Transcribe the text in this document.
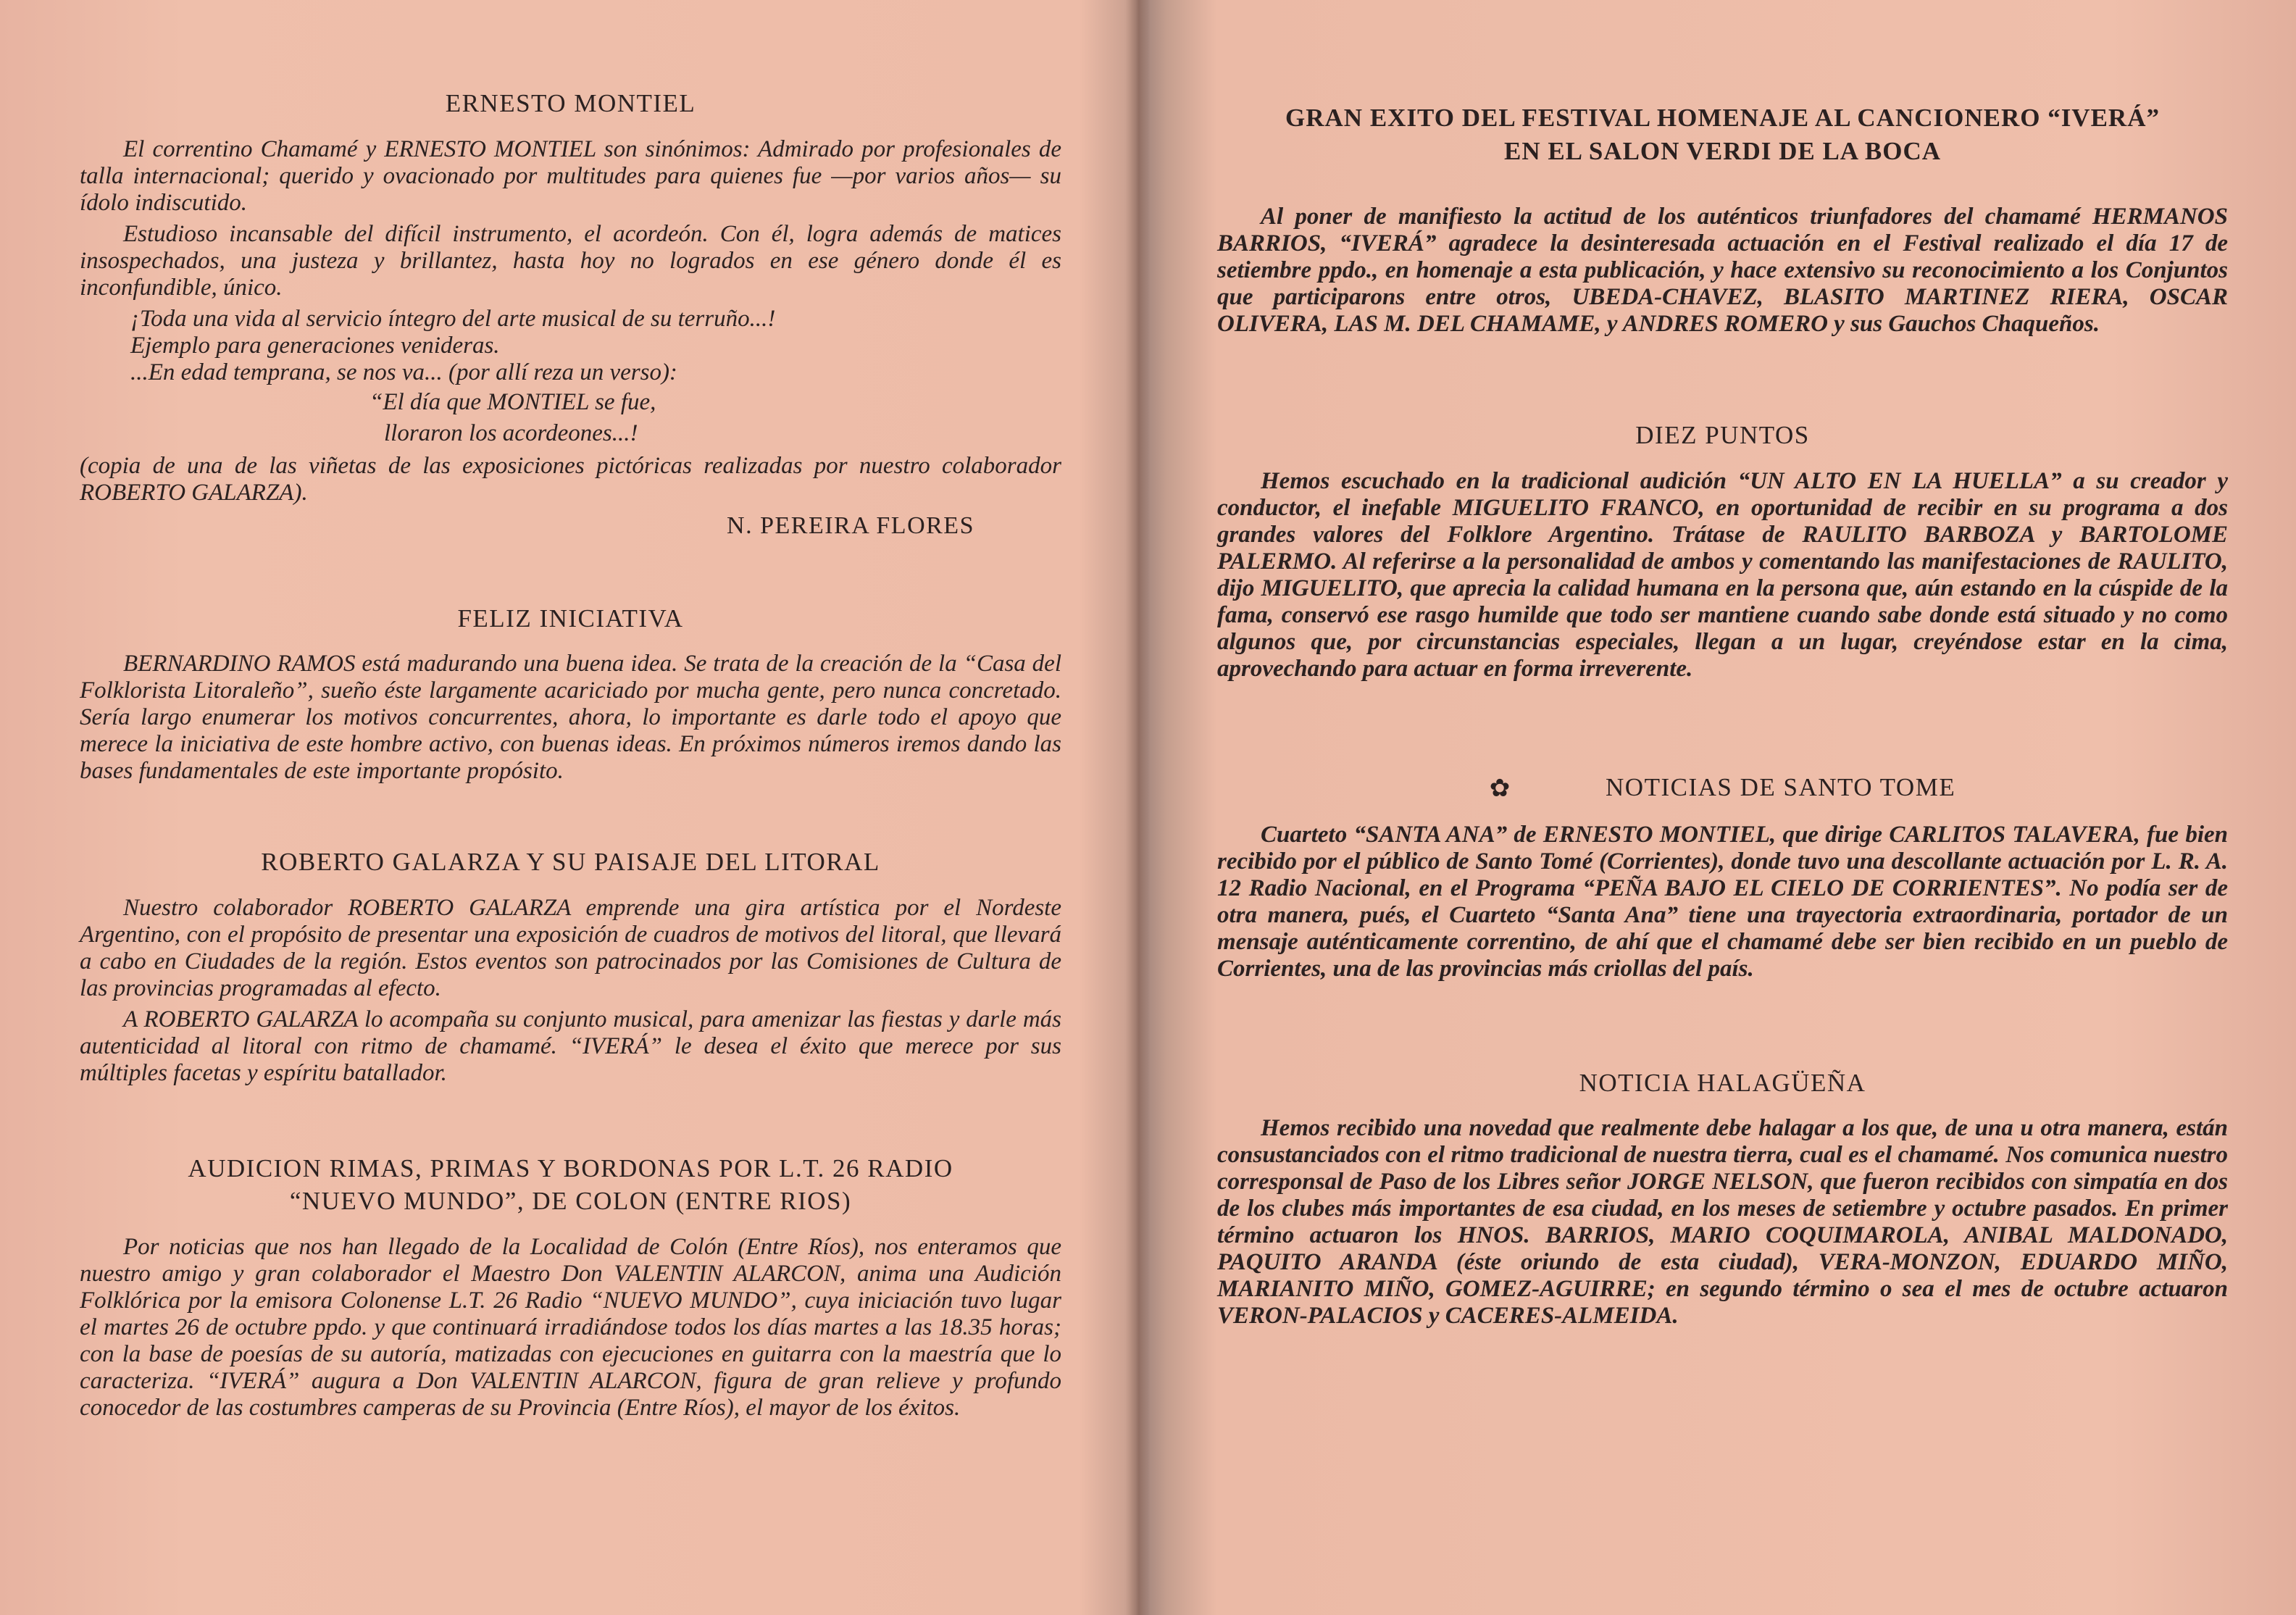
ERNESTO MONTIEL

El correntino Chamamé y ERNESTO MONTIEL son sinónimos: Admirado por profesionales de talla internacional; querido y ovacionado por multitudes para quienes fue —por varios años— su ídolo indiscutido.

Estudioso incansable del difícil instrumento, el acordeón. Con él, logra además de matices insospechados, una justeza y brillantez, hasta hoy no logrados en ese género donde él es inconfundible, único.

¡Toda una vida al servicio íntegro del arte musical de su terruño...!

Ejemplo para generaciones venideras.

...En edad temprana, se nos va... (por allí reza un verso):

“El día que MONTIEL se fue,

lloraron los acordeones...!

(copia de una de las viñetas de las exposiciones pictóricas realizadas por nuestro colaborador ROBERTO GALARZA).

N. PEREIRA FLORES
FELIZ INICIATIVA

BERNARDINO RAMOS está madurando una buena idea. Se trata de la creación de la “Casa del Folklorista Litoraleño”, sueño éste largamente acariciado por mucha gente, pero nunca concretado. Sería largo enumerar los motivos concurrentes, ahora, lo importante es darle todo el apoyo que merece la iniciativa de este hombre activo, con buenas ideas. En próximos números iremos dando las bases fundamentales de este importante propósito.

ROBERTO GALARZA Y SU PAISAJE DEL LITORAL

Nuestro colaborador ROBERTO GALARZA emprende una gira artística por el Nordeste Argentino, con el propósito de presentar una exposición de cuadros de motivos del litoral, que llevará a cabo en Ciudades de la región. Estos eventos son patrocinados por las Comisiones de Cultura de las provincias programadas al efecto.

A ROBERTO GALARZA lo acompaña su conjunto musical, para amenizar las fiestas y darle más autenticidad al litoral con ritmo de chamamé. “IVERÁ” le desea el éxito que merece por sus múltiples facetas y espíritu batallador.

AUDICION RIMAS, PRIMAS Y BORDONAS POR L.T. 26 RADIO
“NUEVO MUNDO”, DE COLON (ENTRE RIOS)

Por noticias que nos han llegado de la Localidad de Colón (Entre Ríos), nos enteramos que nuestro amigo y gran colaborador el Maestro Don VALENTIN ALARCON, anima una Audición Folklórica por la emisora Colonense L.T. 26 Radio “NUEVO MUNDO”, cuya iniciación tuvo lugar el martes 26 de octubre ppdo. y que continuará irradiándose todos los días martes a las 18.35 horas; con la base de poesías de su autoría, matizadas con ejecuciones en guitarra con la maestría que lo caracteriza. “IVERÁ” augura a Don VALENTIN ALARCON, figura de gran relieve y profundo conocedor de las costumbres camperas de su Provincia (Entre Ríos), el mayor de los éxitos.

GRAN EXITO DEL FESTIVAL HOMENAJE AL CANCIONERO “IVERÁ”
EN EL SALON VERDI DE LA BOCA

Al poner de manifiesto la actitud de los auténticos triunfadores del chamamé HERMANOS BARRIOS, “IVERÁ” agradece la desinteresada actuación en el Festival realizado el día 17 de setiembre ppdo., en homenaje a esta publicación, y hace extensivo su reconocimiento a los Conjuntos que participarons entre otros, UBEDA-CHAVEZ, BLASITO MARTINEZ RIERA, OSCAR OLIVERA, LAS M. DEL CHAMAME, y ANDRES ROMERO y sus Gauchos Chaqueños.

DIEZ PUNTOS

Hemos escuchado en la tradicional audición “UN ALTO EN LA HUELLA” a su creador y conductor, el inefable MIGUELITO FRANCO, en oportunidad de recibir en su programa a dos grandes valores del Folklore Argentino. Trátase de RAULITO BARBOZA y BARTOLOME PALERMO. Al referirse a la personalidad de ambos y comentando las manifestaciones de RAULITO, dijo MIGUELITO, que aprecia la calidad humana en la persona que, aún estando en la cúspide de la fama, conservó ese rasgo humilde que todo ser mantiene cuando sabe donde está situado y no como algunos que, por circunstancias especiales, llegan a un lugar, creyéndose estar en la cima, aprovechando para actuar en forma irreverente.

✿	NOTICIAS DE SANTO TOME

Cuarteto “SANTA ANA” de ERNESTO MONTIEL, que dirige CARLITOS TALAVERA, fue bien recibido por el público de Santo Tomé (Corrientes), donde tuvo una descollante actuación por L. R. A. 12 Radio Nacional, en el Programa “PEÑA BAJO EL CIELO DE CORRIENTES”. No podía ser de otra manera, pués, el Cuarteto “Santa Ana” tiene una trayectoria extraordinaria, portador de un mensaje auténticamente correntino, de ahí que el chamamé debe ser bien recibido en un pueblo de Corrientes, una de las provincias más criollas del país.

NOTICIA HALAGÜEÑA

Hemos recibido una novedad que realmente debe halagar a los que, de una u otra manera, están consustanciados con el ritmo tradicional de nuestra tierra, cual es el chamamé. Nos comunica nuestro corresponsal de Paso de los Libres señor JORGE NELSON, que fueron recibidos con simpatía en dos de los clubes más importantes de esa ciudad, en los meses de setiembre y octubre pasados. En primer término actuaron los HNOS. BARRIOS, MARIO COQUIMAROLA, ANIBAL MALDONADO, PAQUITO ARANDA (éste oriundo de esta ciudad), VERA-MONZON, EDUARDO MIÑO, MARIANITO MIÑO, GOMEZ-AGUIRRE; en segundo término o sea el mes de octubre actuaron VERON-PALACIOS y CACERES-ALMEIDA.
